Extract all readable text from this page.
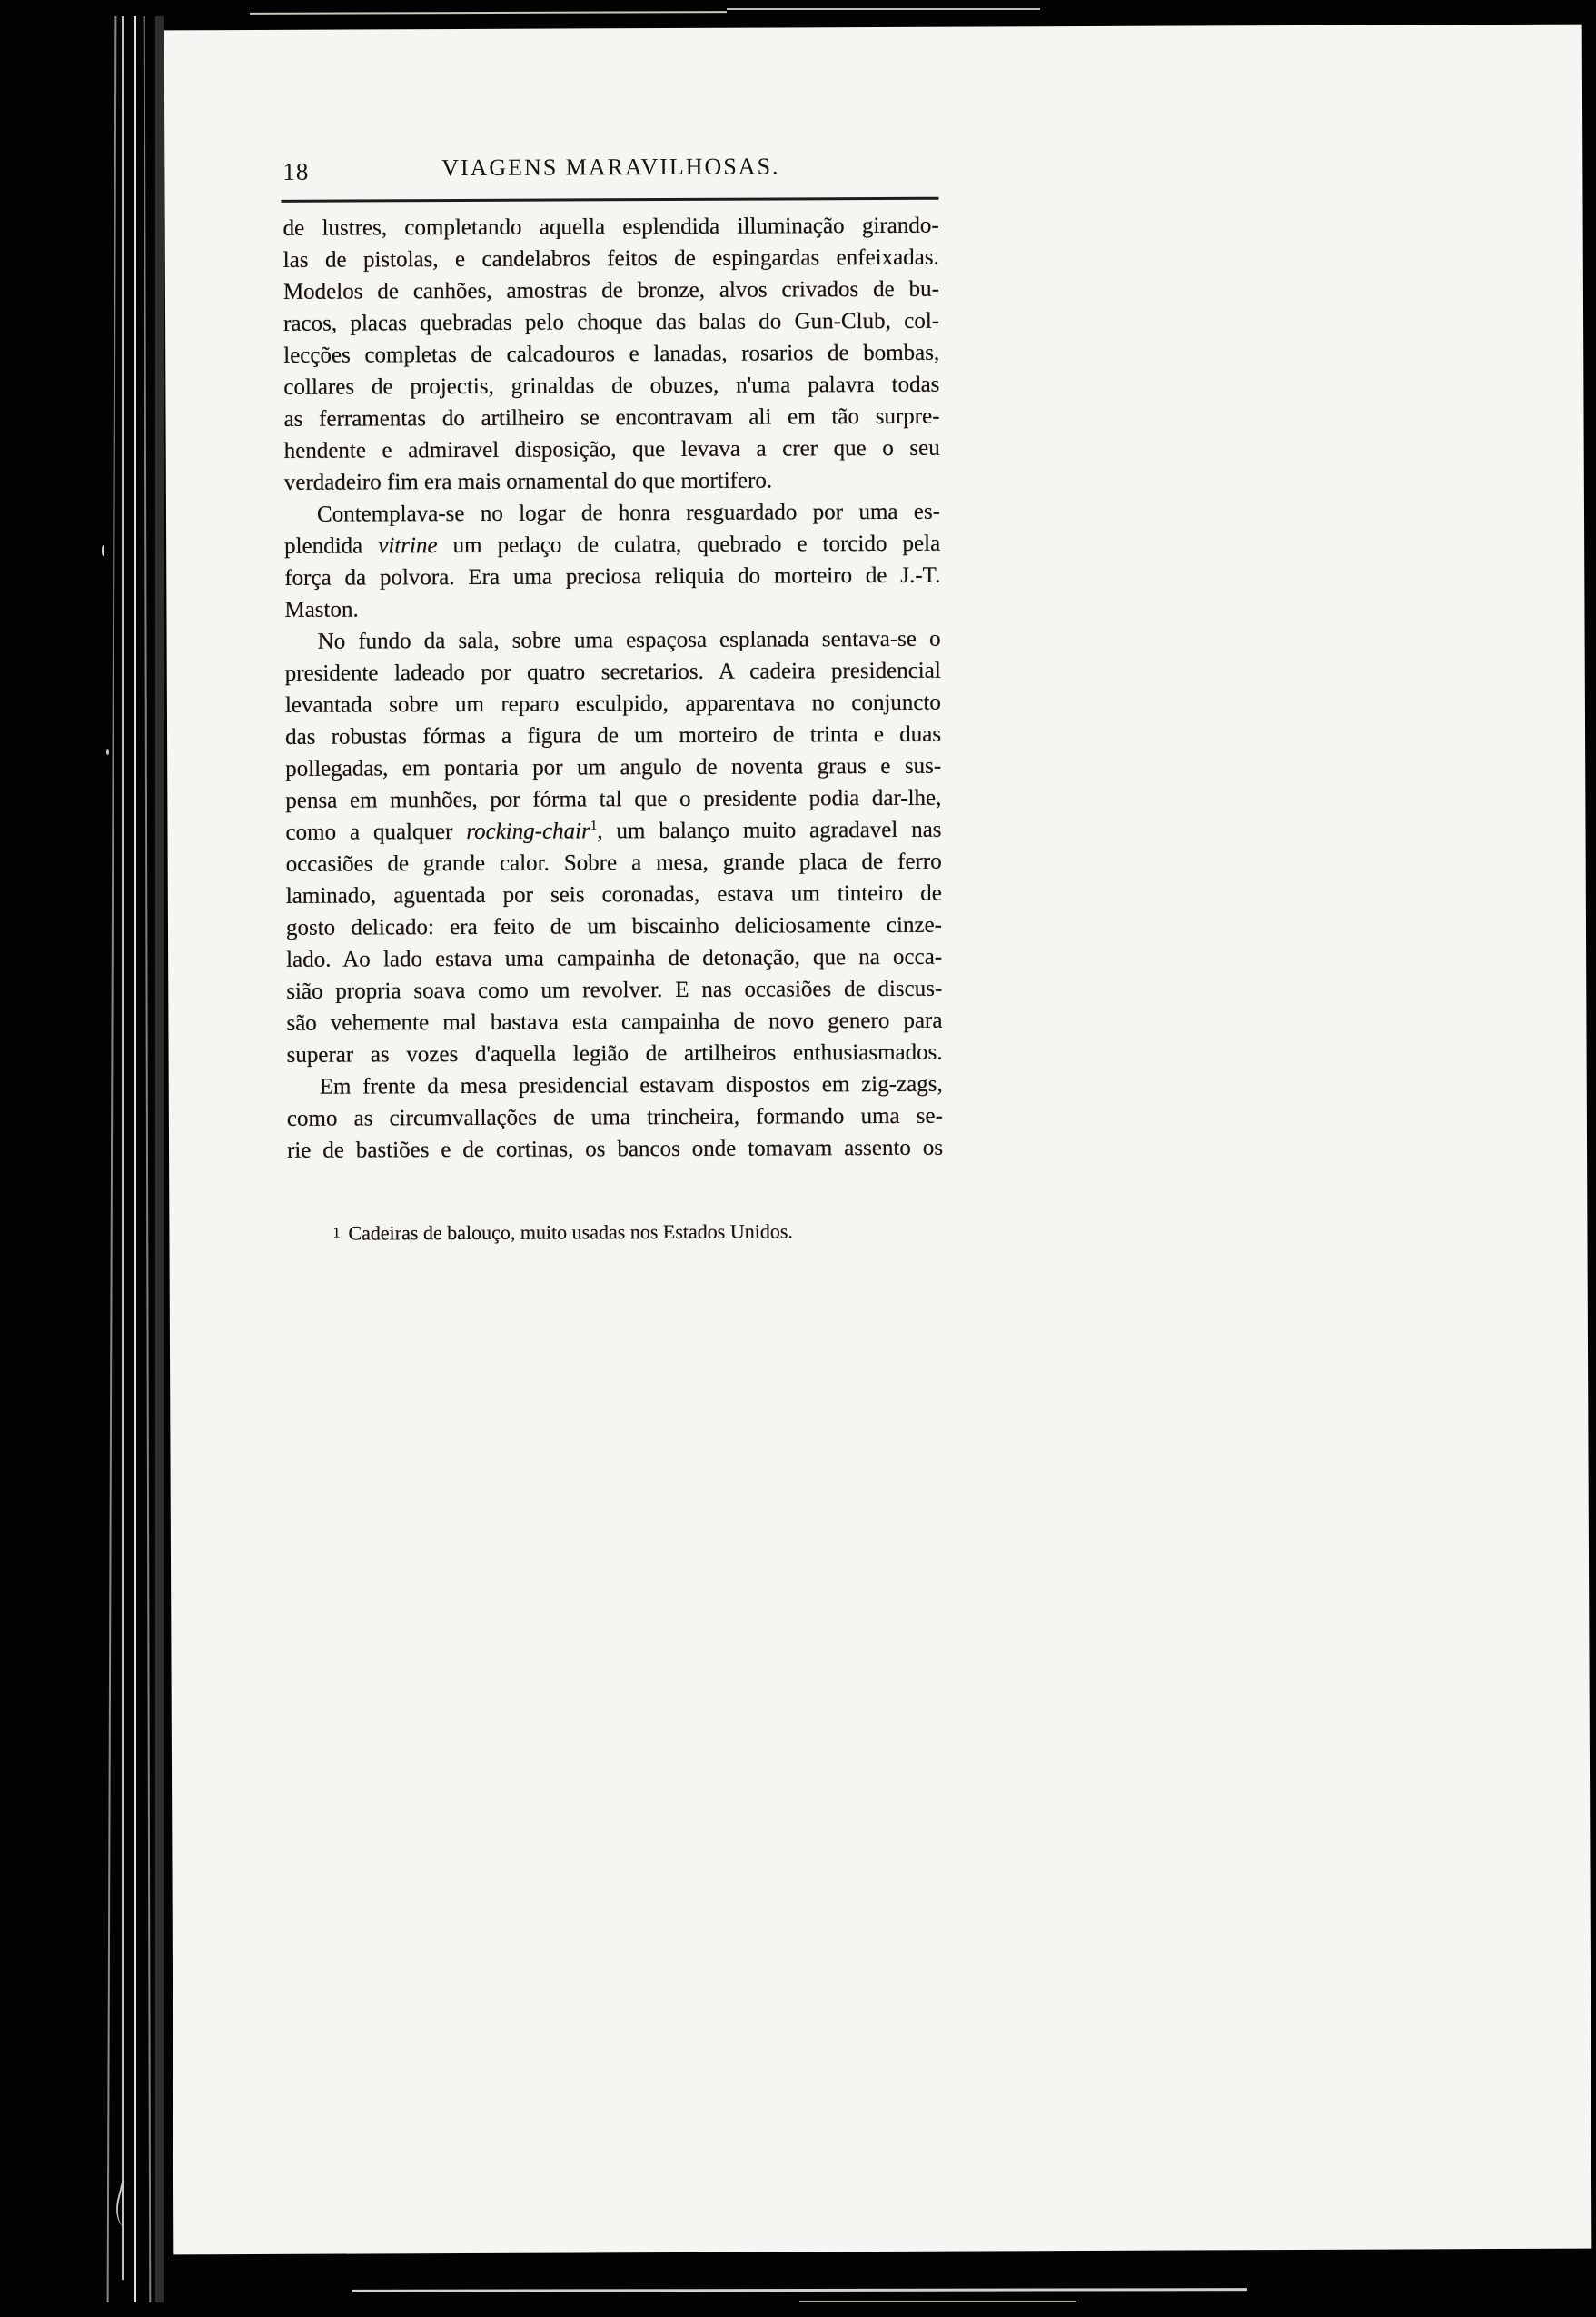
18	VIAGENS MARAVILHOSAS.
de lustres, completando aquella esplendida illuminação girando-
las de pistolas, e candelabros feitos de espingardas enfeixadas.
Modelos de canhões, amostras de bronze, alvos crivados de bu-
racos, placas quebradas pelo choque das balas do Gun-Club, col-
lecções completas de calcadouros e lanadas, rosarios de bombas,
collares de projectis, grinaldas de obuzes, n'uma palavra todas
as ferramentas do artilheiro se encontravam ali em tão surpre-
hendente e admiravel disposição, que levava a crer que o seu
verdadeiro fim era mais ornamental do que mortifero.
Contemplava-se no logar de honra resguardado por uma es-
plendida vitrine um pedaço de culatra, quebrado e torcido pela
força da polvora. Era uma preciosa reliquia do morteiro de J.-T.
Maston.
No fundo da sala, sobre uma espaçosa esplanada sentava-se o
presidente ladeado por quatro secretarios. A cadeira presidencial
levantada sobre um reparo esculpido, apparentava no conjuncto
das robustas fórmas a figura de um morteiro de trinta e duas
pollegadas, em pontaria por um angulo de noventa graus e sus-
pensa em munhões, por fórma tal que o presidente podia dar-lhe,
como a qualquer rocking-chair$^1$, um balanço muito agradavel nas
occasiões de grande calor. Sobre a mesa, grande placa de ferro
laminado, aguentada por seis coronadas, estava um tinteiro de
gosto delicado: era feito de um biscainho deliciosamente cinze-
lado. Ao lado estava uma campainha de detonação, que na occa-
sião propria soava como um revolver. E nas occasiões de discus-
são vehemente mal bastava esta campainha de novo genero para
superar as vozes d'aquella legião de artilheiros enthusiasmados.
Em frente da mesa presidencial estavam dispostos em zig-zags,
como as circumvallações de uma trincheira, formando uma se-
rie de bastiões e de cortinas, os bancos onde tomavam assento os
1 Cadeiras de balouço, muito usadas nos Estados Unidos.
